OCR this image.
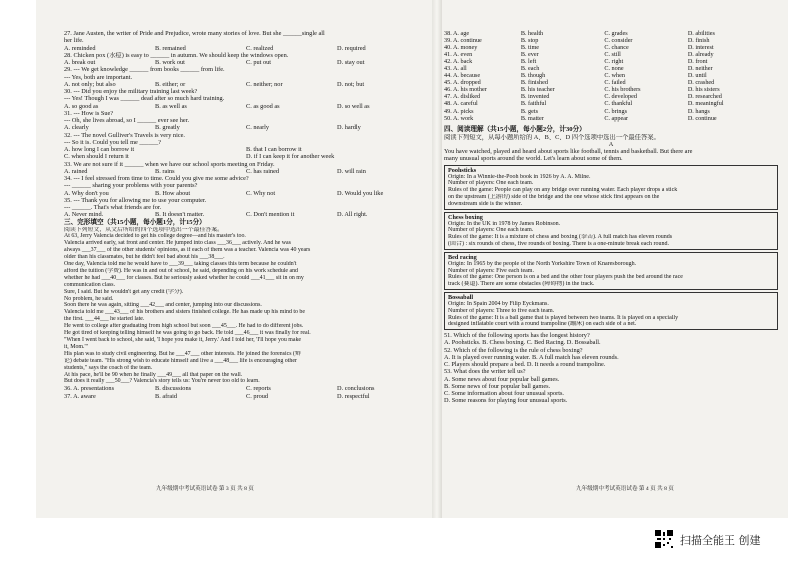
27. Jane Austen, the writer of Pride and Prejudice, wrote many stories of love. But she ______single all
her life.
A. reminded	B. remained	C. realized	D. required
28. Chicken pox (水痘) is easy to ______ in autumn. We should keep the windows open.
A. break out	B. work out	C. put out	D. stay out
29. --- We get knowledge ______ from books ______ from life.
--- Yes, both are important.
A. not only; but also	B. either; or	C. neither; nor	D. not; but
30. --- Did you enjoy the military training last week?
--- Yes! Though I was ______ dead after so much hard training.
A. so good as	B. as well as	C. as good as	D. so well as
31. --- How is Sue?
--- Oh, she lives abroad, so I ______ ever see her.
A. clearly	B. greatly	C. nearly	D. hardly
32. --- The novel Gulliver's Travels is very nice.
--- So it is. Could you tell me ______?
A. how long I can borrow it	B. that I can borrow it
C. when should I return it	D. if I can keep it for another week
33. We are not sure if it ______ when we have our school sports meeting on Friday.
A. rained	B. rains	C. has rained	D. will rain
34. --- I feel stressed from time to time. Could you give me some advice?
--- ______ sharing your problems with your parents?
A. Why don't you	B. How about	C. Why not	D. Would you like
35. --- Thank you for allowing me to use your computer.
--- ______. That's what friends are for.
A. Never mind.	B. It doesn't matter.	C. Don't mention it	D. All right.
三、完形填空（共15小题，每小题1分，计15分）
阅读下列短文，从文后所给的四个选项中选出一个最佳答案。
At 63, Jerry Valencia decided to get his college degree—and his master's too.
Valencia arrived early, sat front and center. He jumped into class ___36___ actively. And he was
always ___37___ of the other students' opinions, as if each of them was a teacher. Valencia was 40 years
older than his classmates, but he didn't feel bad about his ___38___.
One day, Valencia told me he would have to ___39___ taking classes this term because he couldn't
afford the tuition (学费). He was in and out of school, he said, depending on his work schedule and
whether he had ___40___ for classes. But he seriously asked whether he could ___41___ sit in on my
communication class.
Sure, I said. But he wouldn't get any credit (学分).
No problem, he said.
Soon there he was again, sitting ___42___ and center, jumping into our discussions.
Valencia told me ___43___ of his brothers and sisters finished college. He has made up his mind to be
the first. ___44___ he started late.
He went to college after graduating from high school but soon ___45___. He had to do different jobs.
He got tired of keeping telling himself he was going to go back. He told ___46___ it was finally for real.
"When I went back to school, she said, 'I hope you make it, Jerry.' And I told her, 'I'll hope you make
it, Mom.'"
His plan was to study civil engineering. But he ___47___ other interests. He joined the forensics (辩
论) debate team. "His strong wish to educate himself and live a ___48___ life is encouraging other
students," says the coach of the team.
At his pace, he'll be 90 when he finally ___49___ all that paper on the wall.
But does it really ___50___? Valencia's story tells us: You're never too old to learn.
36. A. presentations	B. discussions	C. reports	D. conclusions
37. A. aware	B. afraid	C. proud	D. respectful
38. A. age	B. health	C. grades	D. abilities
39. A. continue	B. stop	C. consider	D. finish
40. A. money	B. time	C. chance	D. interest
41. A. even	B. ever	C. still	D. already
42. A. back	B. left	C. right	D. front
43. A. all	B. each	C. none	D. neither
44. A. because	B. though	C. when	D. until
45. A. dropped	B. finished	C. failed	D. crashed
46. A. his mother	B. his teacher	C. his brothers	D. his sisters
47. A. disliked	B. invented	C. developed	D. researched
48. A. careful	B. faithful	C. thankful	D. meaningful
49. A. picks	B. gets	C. brings	D. hangs
50. A. work	B. matter	C. appear	D. continue
四、阅读理解（共15小题，每小题2分，计30分）
阅读下列短文，从每小题所给的 A、B、C、D 四个选项中选出一个最佳答案。
A
You have watched, played and heard about sports like football, tennis and basketball. But there are
many unusual sports around the world. Let's learn about some of them.
Poohsticks
Origin: In a Winnie-the-Pooh book in 1926 by A. A. Milne.
Number of players: One each team.
Rules of the game: People can play on any bridge over running water. Each player drops a stick
on the upstream (上游的) side of the bridge and the one whose stick first appears on the
downstream side is the winner.
Chess boxing
Origin: In the UK in 1978 by James Robinson.
Number of players: One each team.
Rules of the game: It is a mixture of chess and boxing (拳击). A full match has eleven rounds
(回合) : six rounds of chess, five rounds of boxing. There is a one-minute break each round.
Bed racing
Origin: In 1965 by the people of the North Yorkshire Town of Knaresborough.
Number of players: Five each team.
Rules of the game: One person is on a bed and the other four players push the bed around the race
track (赛道). There are some obstacles (障碍物) in the track.
Bossaball
Origin: In Spain 2004 by Filip Eyckmans.
Number of players: Three to five each team.
Rules of the game: It is a ball game that is played between two teams. It is played on a specially
designed inflatable court with a round trampoline (蹦床) on each side of a net.
51. Which of the following sports has the longest history?
A. Poohsticks. B. Chess boxing. C. Bed Racing. D. Bossaball.
52. Which of the following is the rule of chess boxing?
A. It is played over running water. B. A full match has eleven rounds.
C. Players should prepare a bed. D. It needs a round trampoline.
53. What does the writer tell us?
A. Some news about four popular ball games.
B. Some news of four popular ball games.
C. Some information about four unusual sports.
D. Some reasons for playing four unusual sports.
九年级期中考试英语试卷 第 3 页 共 8 页	九年级期中考试英语试卷 第 4 页 共 8 页
扫描全能王 创建
